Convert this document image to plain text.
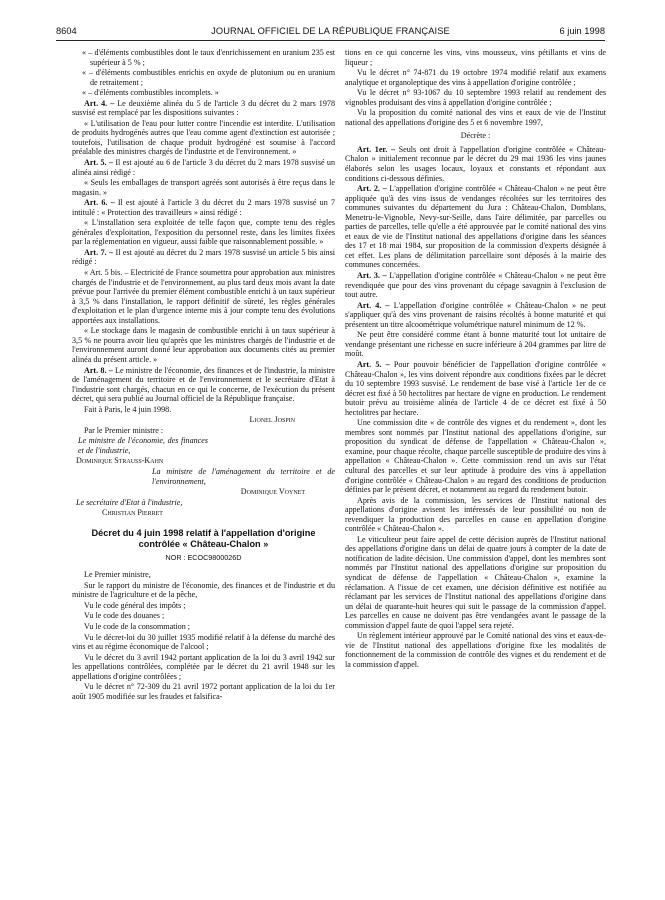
8604	JOURNAL OFFICIEL DE LA RÉPUBLIQUE FRANÇAISE	6 juin 1998

« – d'éléments combustibles dont le taux d'enrichissement en uranium 235 est supérieur à 5 % ;

« – d'éléments combustibles enrichis en oxyde de plutonium ou en uranium de retraitement ;

« – d'éléments combustibles incomplets. »

Art. 4. – Le deuxième alinéa du 5 de l'article 3 du décret du 2 mars 1978 susvisé est remplacé par les dispositions suivantes :

« L'utilisation de l'eau pour lutter contre l'incendie est interdite. L'utilisation de produits hydrogénés autres que l'eau comme agent d'extinction est autorisée ; toutefois, l'utilisation de chaque produit hydrogéné est soumise à l'accord préalable des ministres chargés de l'industrie et de l'environnement. »

Art. 5. – Il est ajouté au 6 de l'article 3 du décret du 2 mars 1978 susvisé un alinéa ainsi rédigé :

« Seuls les emballages de transport agréés sont autorisés à être reçus dans le magasin. »

Art. 6. – Il est ajouté à l'article 3 du décret du 2 mars 1978 susvisé un 7 intitulé : « Protection des travailleurs » ainsi rédigé :

« L'installation sera exploitée de telle façon que, compte tenu des règles générales d'exploitation, l'exposition du personnel reste, dans les limites fixées par la réglementation en vigueur, aussi faible que raisonnablement possible. »

Art. 7. – Il est ajouté au décret du 2 mars 1978 susvisé un article 5 bis ainsi rédigé :

« Art. 5 bis. – Electricité de France soumettra pour approbation aux ministres chargés de l'industrie et de l'environnement, au plus tard deux mois avant la date prévue pour l'arrivée du premier élément combustible enrichi à un taux supérieur à 3,5 % dans l'installation, le rapport définitif de sûreté, les règles générales d'exploitation et le plan d'urgence interne mis à jour compte tenu des évolutions apportées aux installations.

« Le stockage dans le magasin de combustible enrichi à un taux supérieur à 3,5 % ne pourra avoir lieu qu'après que les ministres chargés de l'industrie et de l'environnement auront donné leur approbation aux documents cités au premier alinéa du présent article. »

Art. 8. – Le ministre de l'économie, des finances et de l'industrie, la ministre de l'aménagement du territoire et de l'environnement et le secrétaire d'Etat à l'industrie sont chargés, chacun en ce qui le concerne, de l'exécution du présent décret, qui sera publié au Journal officiel de la République française.

Fait à Paris, le 4 juin 1998.

Lionel Jospin

Par le Premier ministre :

Le ministre de l'économie, des finances et de l'industrie,

Dominique Strauss-Kahn

La ministre de l'aménagement du territoire et de l'environnement,

Dominique Voynet

Le secrétaire d'Etat à l'industrie,

Christian Pierret

Décret du 4 juin 1998 relatif à l'appellation d'origine contrôlée « Château-Chalon »
NOR : ECOC9800026D

Le Premier ministre,

Sur le rapport du ministre de l'économie, des finances et de l'industrie et du ministre de l'agriculture et de la pêche,

Vu le code général des impôts ;

Vu le code des douanes ;

Vu le code de la consommation ;

Vu le décret-loi du 30 juillet 1935 modifié relatif à la défense du marché des vins et au régime économique de l'alcool ;

Vu le décret du 3 avril 1942 portant application de la loi du 3 avril 1942 sur les appellations contrôlées, complétée par le décret du 21 avril 1948 sur les appellations d'origine contrôlées ;

Vu le décret n° 72-309 du 21 avril 1972 portant application de la loi du 1er août 1905 modifiée sur les fraudes et falsifica-

tions en ce qui concerne les vins, vins mousseux, vins pétillants et vins de liqueur ;

Vu le décret n° 74-871 du 19 octobre 1974 modifié relatif aux examens analytique et organoleptique des vins à appellation d'origine contrôlée ;

Vu le décret n° 93-1067 du 10 septembre 1993 relatif au rendement des vignobles produisant des vins à appellation d'origine contrôlée ;

Vu la proposition du comité national des vins et eaux de vie de l'Institut national des appellations d'origine des 5 et 6 novembre 1997,

Décrète :

Art. 1er. – Seuls ont droit à l'appellation d'origine contrôlée « Château-Chalon » initialement reconnue par le décret du 29 mai 1936 les vins jaunes élaborés selon les usages locaux, loyaux et constants et répondant aux conditions ci-dessous définies.

Art. 2. – L'appellation d'origine contrôlée « Château-Chalon » ne peut être appliquée qu'à des vins issus de vendanges récoltées sur les territoires des communes suivantes du département du Jura : Château-Chalon, Domblans, Menetru-le-Vignoble, Nevy-sur-Seille, dans l'aire délimitée, par parcelles ou parties de parcelles, telle qu'elle a été approuvée par le comité national des vins et eaux de vie de l'Institut national des appellations d'origine dans les séances des 17 et 18 mai 1984, sur proposition de la commission d'experts désignée à cet effet. Les plans de délimitation parcellaire sont déposés à la mairie des communes concernées.

Art. 3. – L'appellation d'origine contrôlée « Château-Chalon » ne peut être revendiquée que pour des vins provenant du cépage savagnin à l'exclusion de tout autre.

Art. 4. – L'appellation d'origine contrôlée « Château-Chalon » ne peut s'appliquer qu'à des vins provenant de raisins récoltés à bonne maturité et qui présentent un titre alcoométrique volumétrique naturel minimum de 12 %.

Ne peut être considéré comme étant à bonne maturité tout lot unitaire de vendange présentant une richesse en sucre inférieure à 204 grammes par litre de moût.

Art. 5. – Pour pouvoir bénéficier de l'appellation d'origine contrôlée « Château-Chalon », les vins doivent répondre aux conditions fixées par le décret du 10 septembre 1993 susvisé. Le rendement de base visé à l'article 1er de ce décret est fixé à 50 hectolitres par hectare de vigne en production. Le rendement butoir prévu au troisième alinéa de l'article 4 de ce décret est fixé à 50 hectolitres par hectare.

Une commission dite « de contrôle des vignes et du rendement », dont les membres sont nommés par l'Institut national des appellations d'origine, sur proposition du syndicat de défense de l'appellation « Château-Chalon », examine, pour chaque récolte, chaque parcelle susceptible de produire des vins à appellation « Château-Chalon ». Cette commission rend un avis sur l'état cultural des parcelles et sur leur aptitude à produire des vins à appellation d'origine contrôlée « Château-Chalon » au regard des conditions de production définies par le présent décret, et notamment au regard du rendement butoir.

Après avis de la commission, les services de l'Institut national des appellations d'origine avisent les intéressés de leur possibilité ou non de revendiquer la production des parcelles en cause en appellation d'origine contrôlée « Château-Chalon ».

Le viticulteur peut faire appel de cette décision auprès de l'Institut national des appellations d'origine dans un délai de quatre jours à compter de la date de notification de ladite décision. Une commission d'appel, dont les membres sont nommés par l'Institut national des appellations d'origine sur proposition du syndicat de défense de l'appellation « Château-Chalon », examine la réclamation. A l'issue de cet examen, une décision définitive est notifiée au réclamant par les services de l'Institut national des appellations d'origine dans un délai de quarante-huit heures qui suit le passage de la commission d'appel. Les parcelles en cause ne doivent pas être vendangées avant le passage de la commission d'appel faute de quoi l'appel sera rejeté.

Un règlement intérieur approuvé par le Comité national des vins et eaux-de-vie de l'Institut national des appellations d'origine fixe les modalités de fonctionnement de la commission de contrôle des vignes et du rendement et de la commission d'appel.
